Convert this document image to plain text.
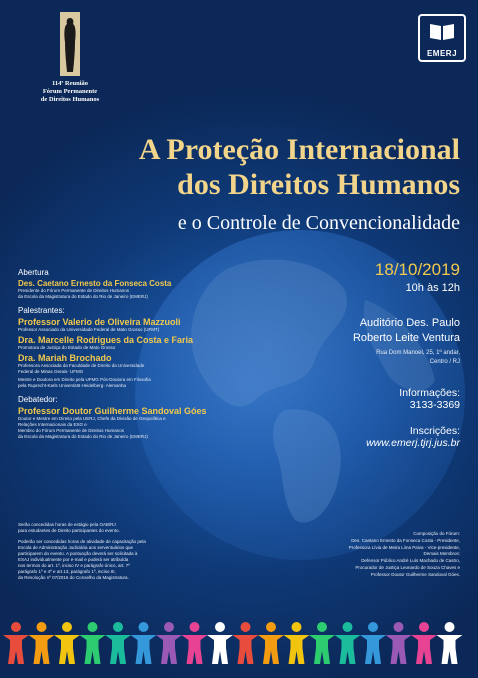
114ª Reunião
Fórum Permanente
de Direitos Humanos
EMERJ
A Proteção Internacional
dos Direitos Humanos
e o Controle de Convencionalidade
Abertura
Des. Caetano Ernesto da Fonseca Costa
Presidente do Fórum Permanente de Direitos Humanos
da Escola da Magistratura do Estado do Rio de Janeiro (EMERJ)
Palestrantes:
Professor Valerio de Oliveira Mazzuoli
Professor Associado da Universidade Federal de Mato Grosso (UFMT)
Dra. Marcelle Rodrigues da Costa e Faria
Promotora de Justiça do Estado de Mato Grosso
Dra. Mariah Brochado
Professora Associada da Faculdade de Direito da Universidade
Federal de Minas Gerais- UFMG
Mestre e Doutora em Direito pela UFMG Pós-Doutora em Filosofia
pela Ruprecht-Karls Universität Heidelberg- Alemanha
Debatedor:
Professor Doutor Guilherme Sandoval Góes
Doutor e Mestre em Direito pela UERJ, Chefe da Divisão de Geopolítica e
Relações Internacionais da ESG e
Membro do Fórum Permanente de Direitos Humanos
da Escola da Magistratura do Estado do Rio de Janeiro (EMERJ)
Serão concedidas horas de estágio pela OAB/RJ
para estudantes de Direito participantes do evento.
Poderão ser concedidas horas de atividade de capacitação pela
Escola de Administração Judiciária aos serventuários que
participarem do evento. A pontuação deverá ser solicitada à
ESAJ individualmente por e-mail e poderá ser atribuída
nos termos do art. 1º, inciso IV e parágrafo único, art. 7º
parágrafo 1º e 4º e art.13, parágrafo 1º, inciso III,
da Resolução nº 07/2016 do Conselho da Magistratura.
18/10/2019
10h às 12h
Auditório Des. Paulo
Roberto Leite Ventura
Rua Dom Manoel, 25, 1º andar,
Centro / RJ
Informações:
3133-3369
Inscrições:
www.emerj.tjrj.jus.br
Composição do Fórum:
Des. Caetano Ernesto da Fonseca Costa - Presidente,
Professora Lívia de Meira Lima Paiva - Vice-presidente,
Demais Membros:
Defensor Público André Luís Machado de Castro,
Procurador de Justiça Leonardo de Souza Chaves e
Professor Doutor Guilherme Sandoval Góes.
